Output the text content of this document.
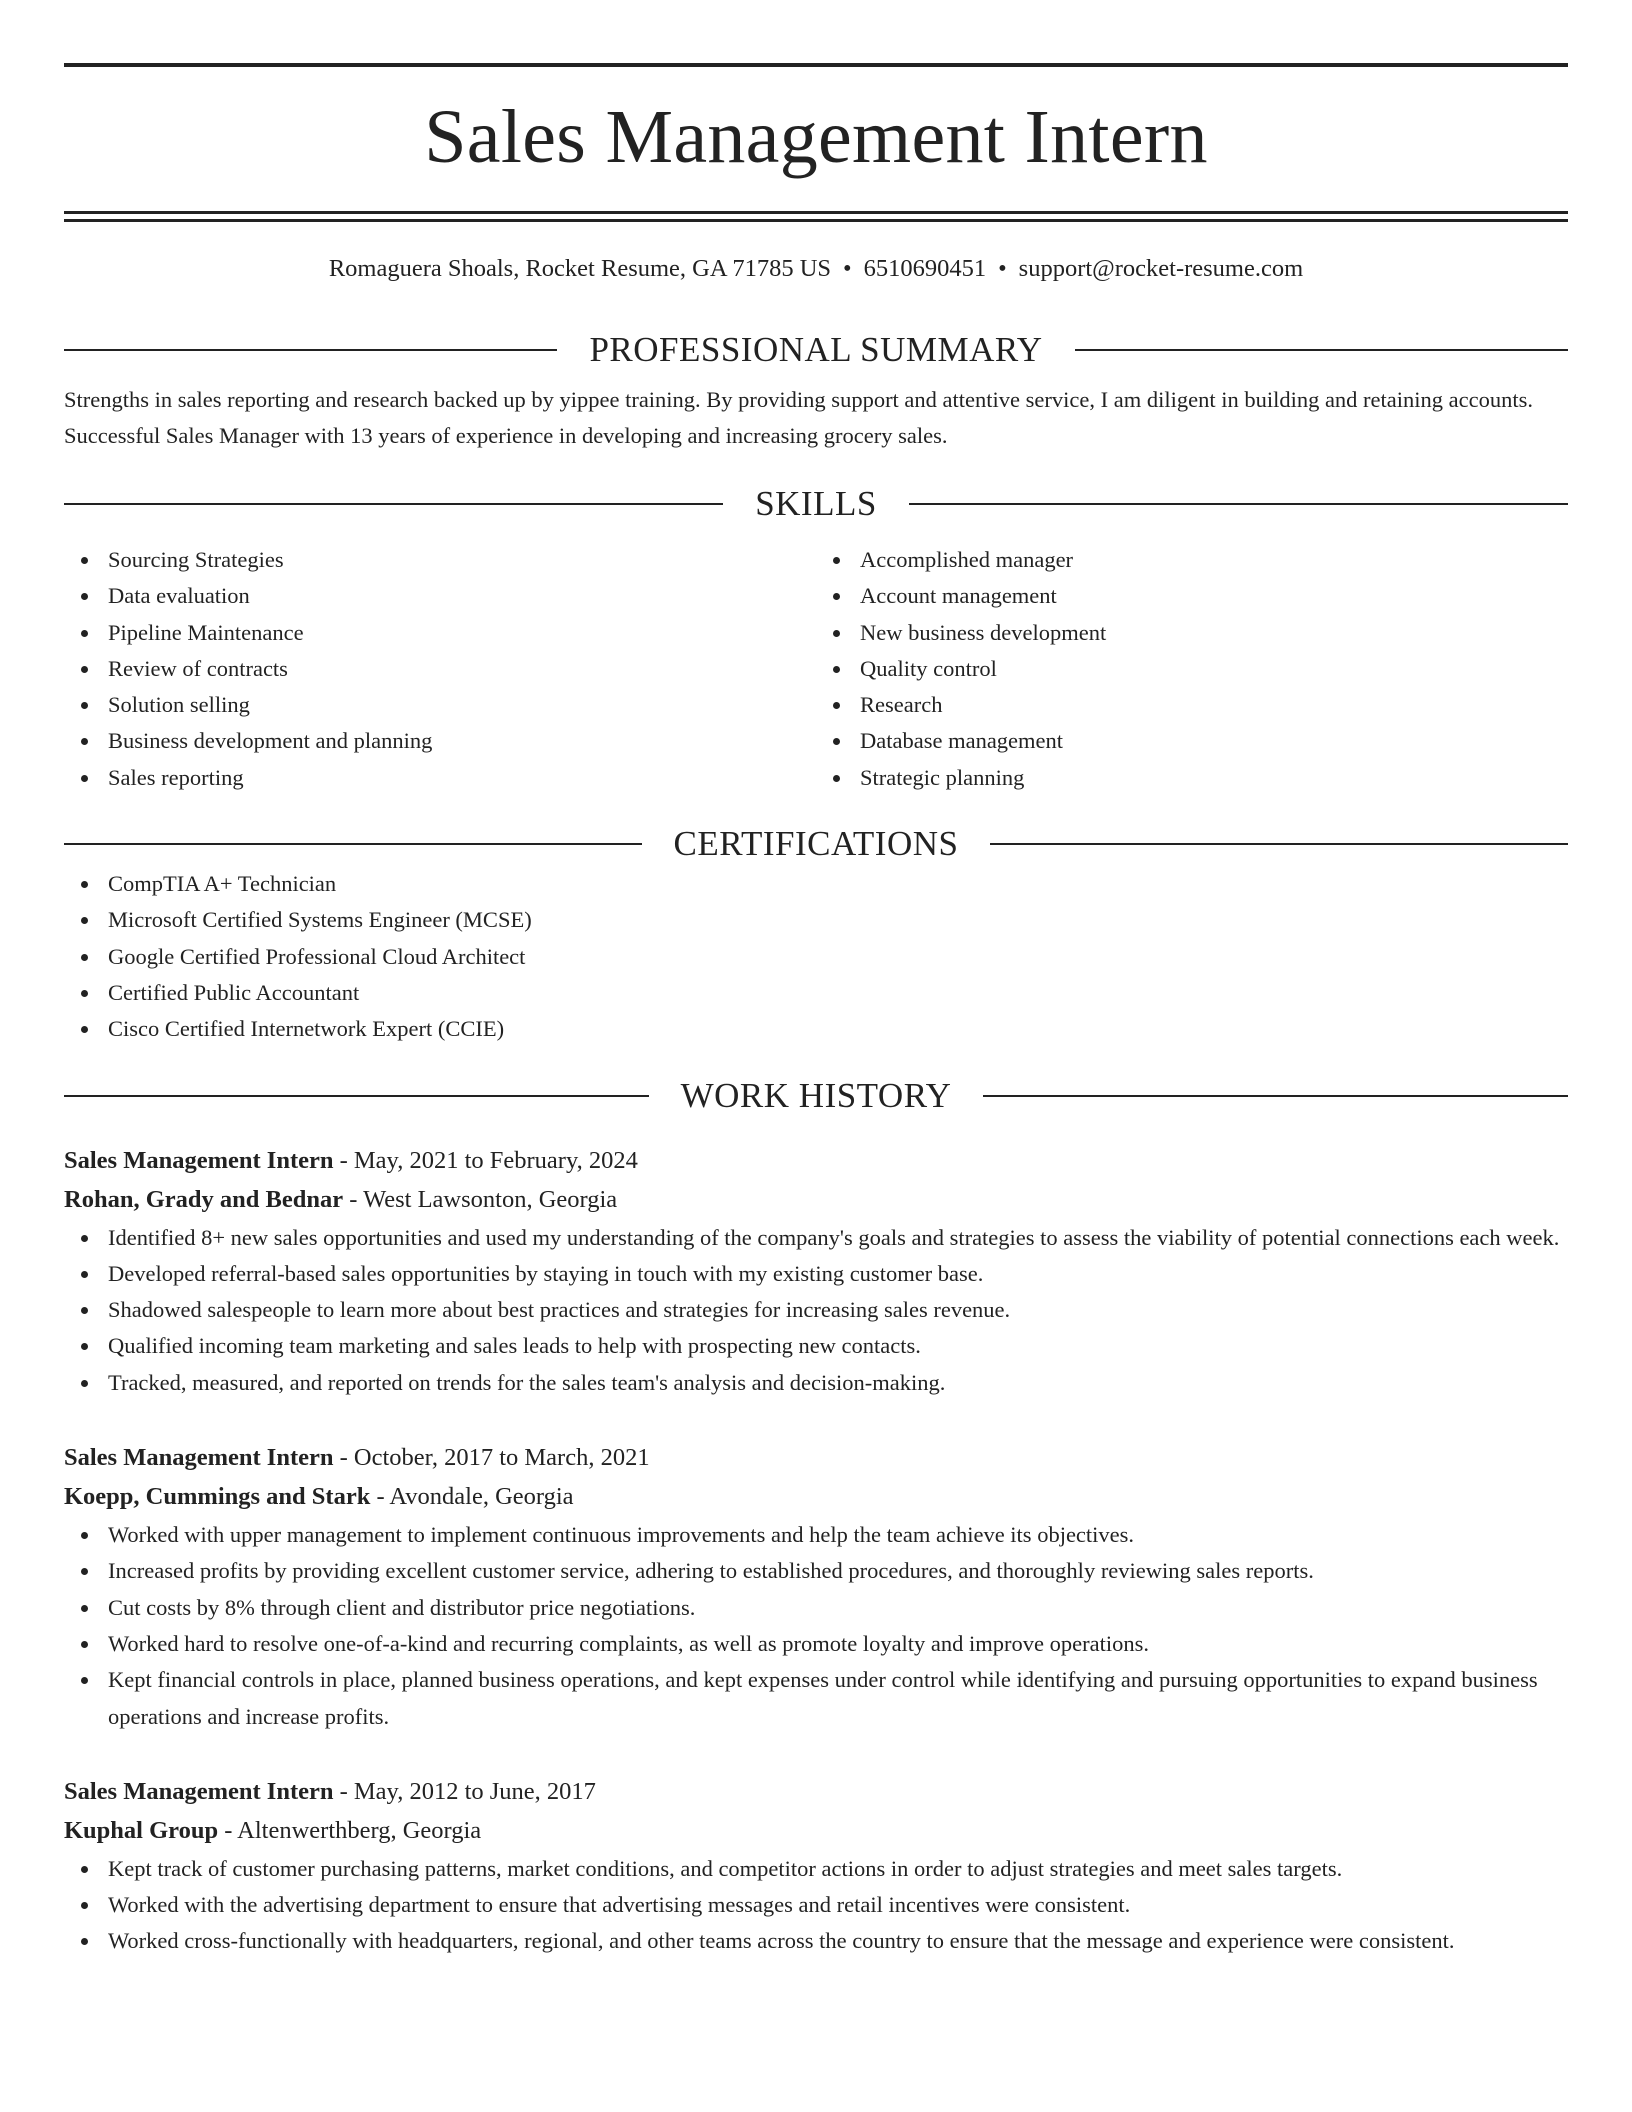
Sales Management Intern
Romaguera Shoals, Rocket Resume, GA 71785 US • 6510690451 • support@rocket-resume.com
PROFESSIONAL SUMMARY
Strengths in sales reporting and research backed up by yippee training. By providing support and attentive service, I am diligent in building and retaining accounts. Successful Sales Manager with 13 years of experience in developing and increasing grocery sales.
SKILLS
Sourcing Strategies
Data evaluation
Pipeline Maintenance
Review of contracts
Solution selling
Business development and planning
Sales reporting
Accomplished manager
Account management
New business development
Quality control
Research
Database management
Strategic planning
CERTIFICATIONS
CompTIA A+ Technician
Microsoft Certified Systems Engineer (MCSE)
Google Certified Professional Cloud Architect
Certified Public Accountant
Cisco Certified Internetwork Expert (CCIE)
WORK HISTORY
Sales Management Intern - May, 2021 to February, 2024
Rohan, Grady and Bednar - West Lawsonton, Georgia
Identified 8+ new sales opportunities and used my understanding of the company's goals and strategies to assess the viability of potential connections each week.
Developed referral-based sales opportunities by staying in touch with my existing customer base.
Shadowed salespeople to learn more about best practices and strategies for increasing sales revenue.
Qualified incoming team marketing and sales leads to help with prospecting new contacts.
Tracked, measured, and reported on trends for the sales team's analysis and decision-making.
Sales Management Intern - October, 2017 to March, 2021
Koepp, Cummings and Stark - Avondale, Georgia
Worked with upper management to implement continuous improvements and help the team achieve its objectives.
Increased profits by providing excellent customer service, adhering to established procedures, and thoroughly reviewing sales reports.
Cut costs by 8% through client and distributor price negotiations.
Worked hard to resolve one-of-a-kind and recurring complaints, as well as promote loyalty and improve operations.
Kept financial controls in place, planned business operations, and kept expenses under control while identifying and pursuing opportunities to expand business operations and increase profits.
Sales Management Intern - May, 2012 to June, 2017
Kuphal Group - Altenwerthberg, Georgia
Kept track of customer purchasing patterns, market conditions, and competitor actions in order to adjust strategies and meet sales targets.
Worked with the advertising department to ensure that advertising messages and retail incentives were consistent.
Worked cross-functionally with headquarters, regional, and other teams across the country to ensure that the message and experience were consistent.
